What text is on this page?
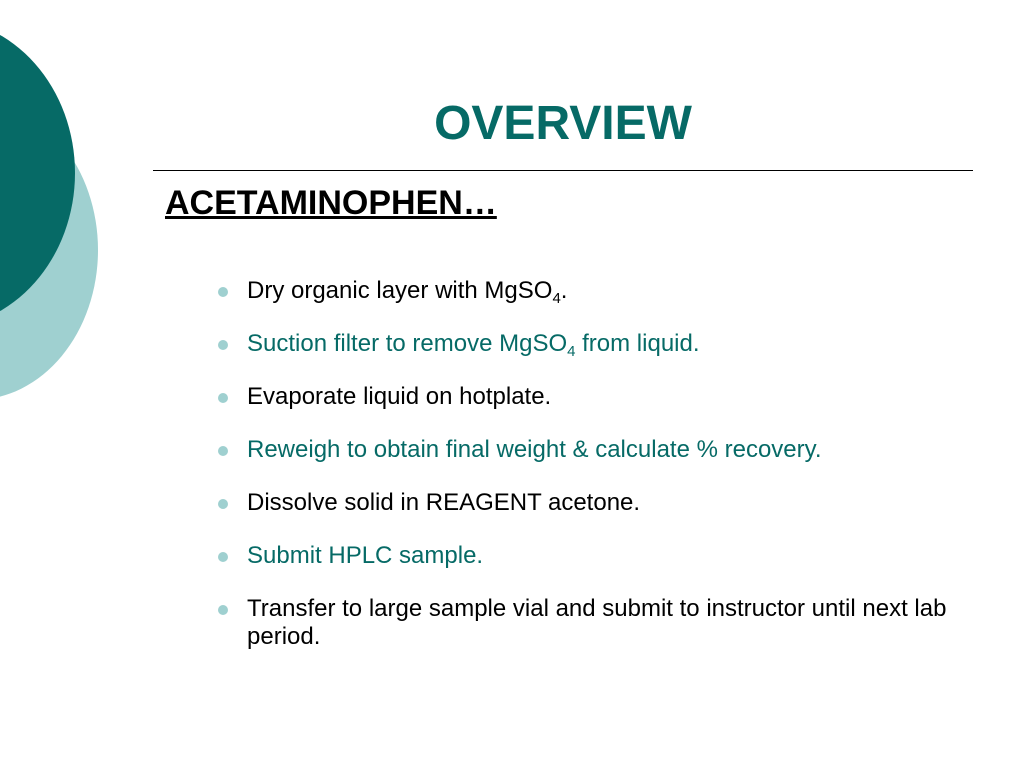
OVERVIEW
ACETAMINOPHEN…
Dry organic layer with MgSO$_4$.
Suction filter to remove MgSO$_4$ from liquid.
Evaporate liquid on hotplate.
Reweigh to obtain final weight & calculate % recovery.
Dissolve solid in REAGENT acetone.
Submit HPLC sample.
Transfer to large sample vial and submit to instructor until next lab period.
